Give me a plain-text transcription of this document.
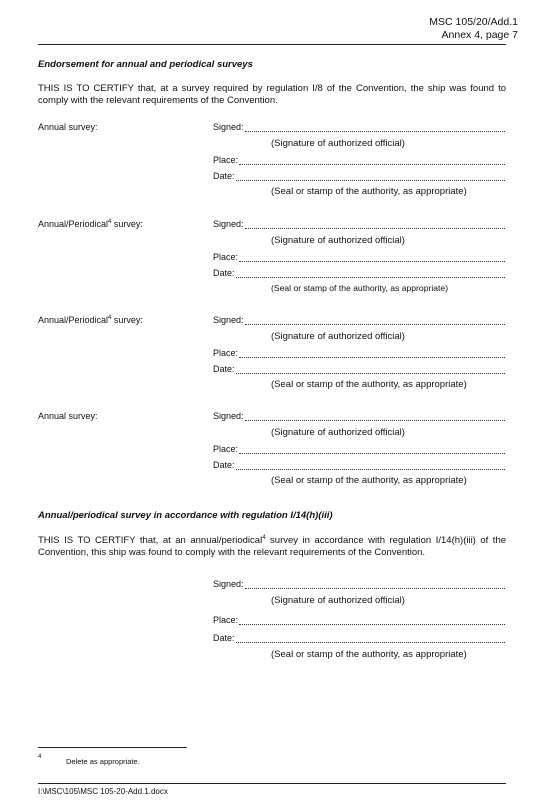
MSC 105/20/Add.1
Annex 4, page 7
Endorsement for annual and periodical surveys
THIS IS TO CERTIFY that, at a survey required by regulation I/8 of the Convention, the ship was found to comply with the relevant requirements of the Convention.
Annual survey:	Signed:
(Signature of authorized official)
Place:
Date:
(Seal or stamp of the authority, as appropriate)
Annual/Periodical$^4$ survey:	Signed:
(Signature of authorized official)
Place:
Date:
(Seal or stamp of the authority, as appropriate)
Annual/Periodical$^4$ survey:	Signed:
(Signature of authorized official)
Place:
Date:
(Seal or stamp of the authority, as appropriate)
Annual survey:	Signed:
(Signature of authorized official)
Place:
Date:
(Seal or stamp of the authority, as appropriate)
Annual/periodical survey in accordance with regulation I/14(h)(iii)
THIS IS TO CERTIFY that, at an annual/periodical$^4$ survey in accordance with regulation I/14(h)(iii) of the Convention, this ship was found to comply with the relevant requirements of the Convention.
Signed:
(Signature of authorized official)
Place:
Date:
(Seal or stamp of the authority, as appropriate)
4	Delete as appropriate.
I:\MSC\105\MSC 105-20-Add.1.docx
